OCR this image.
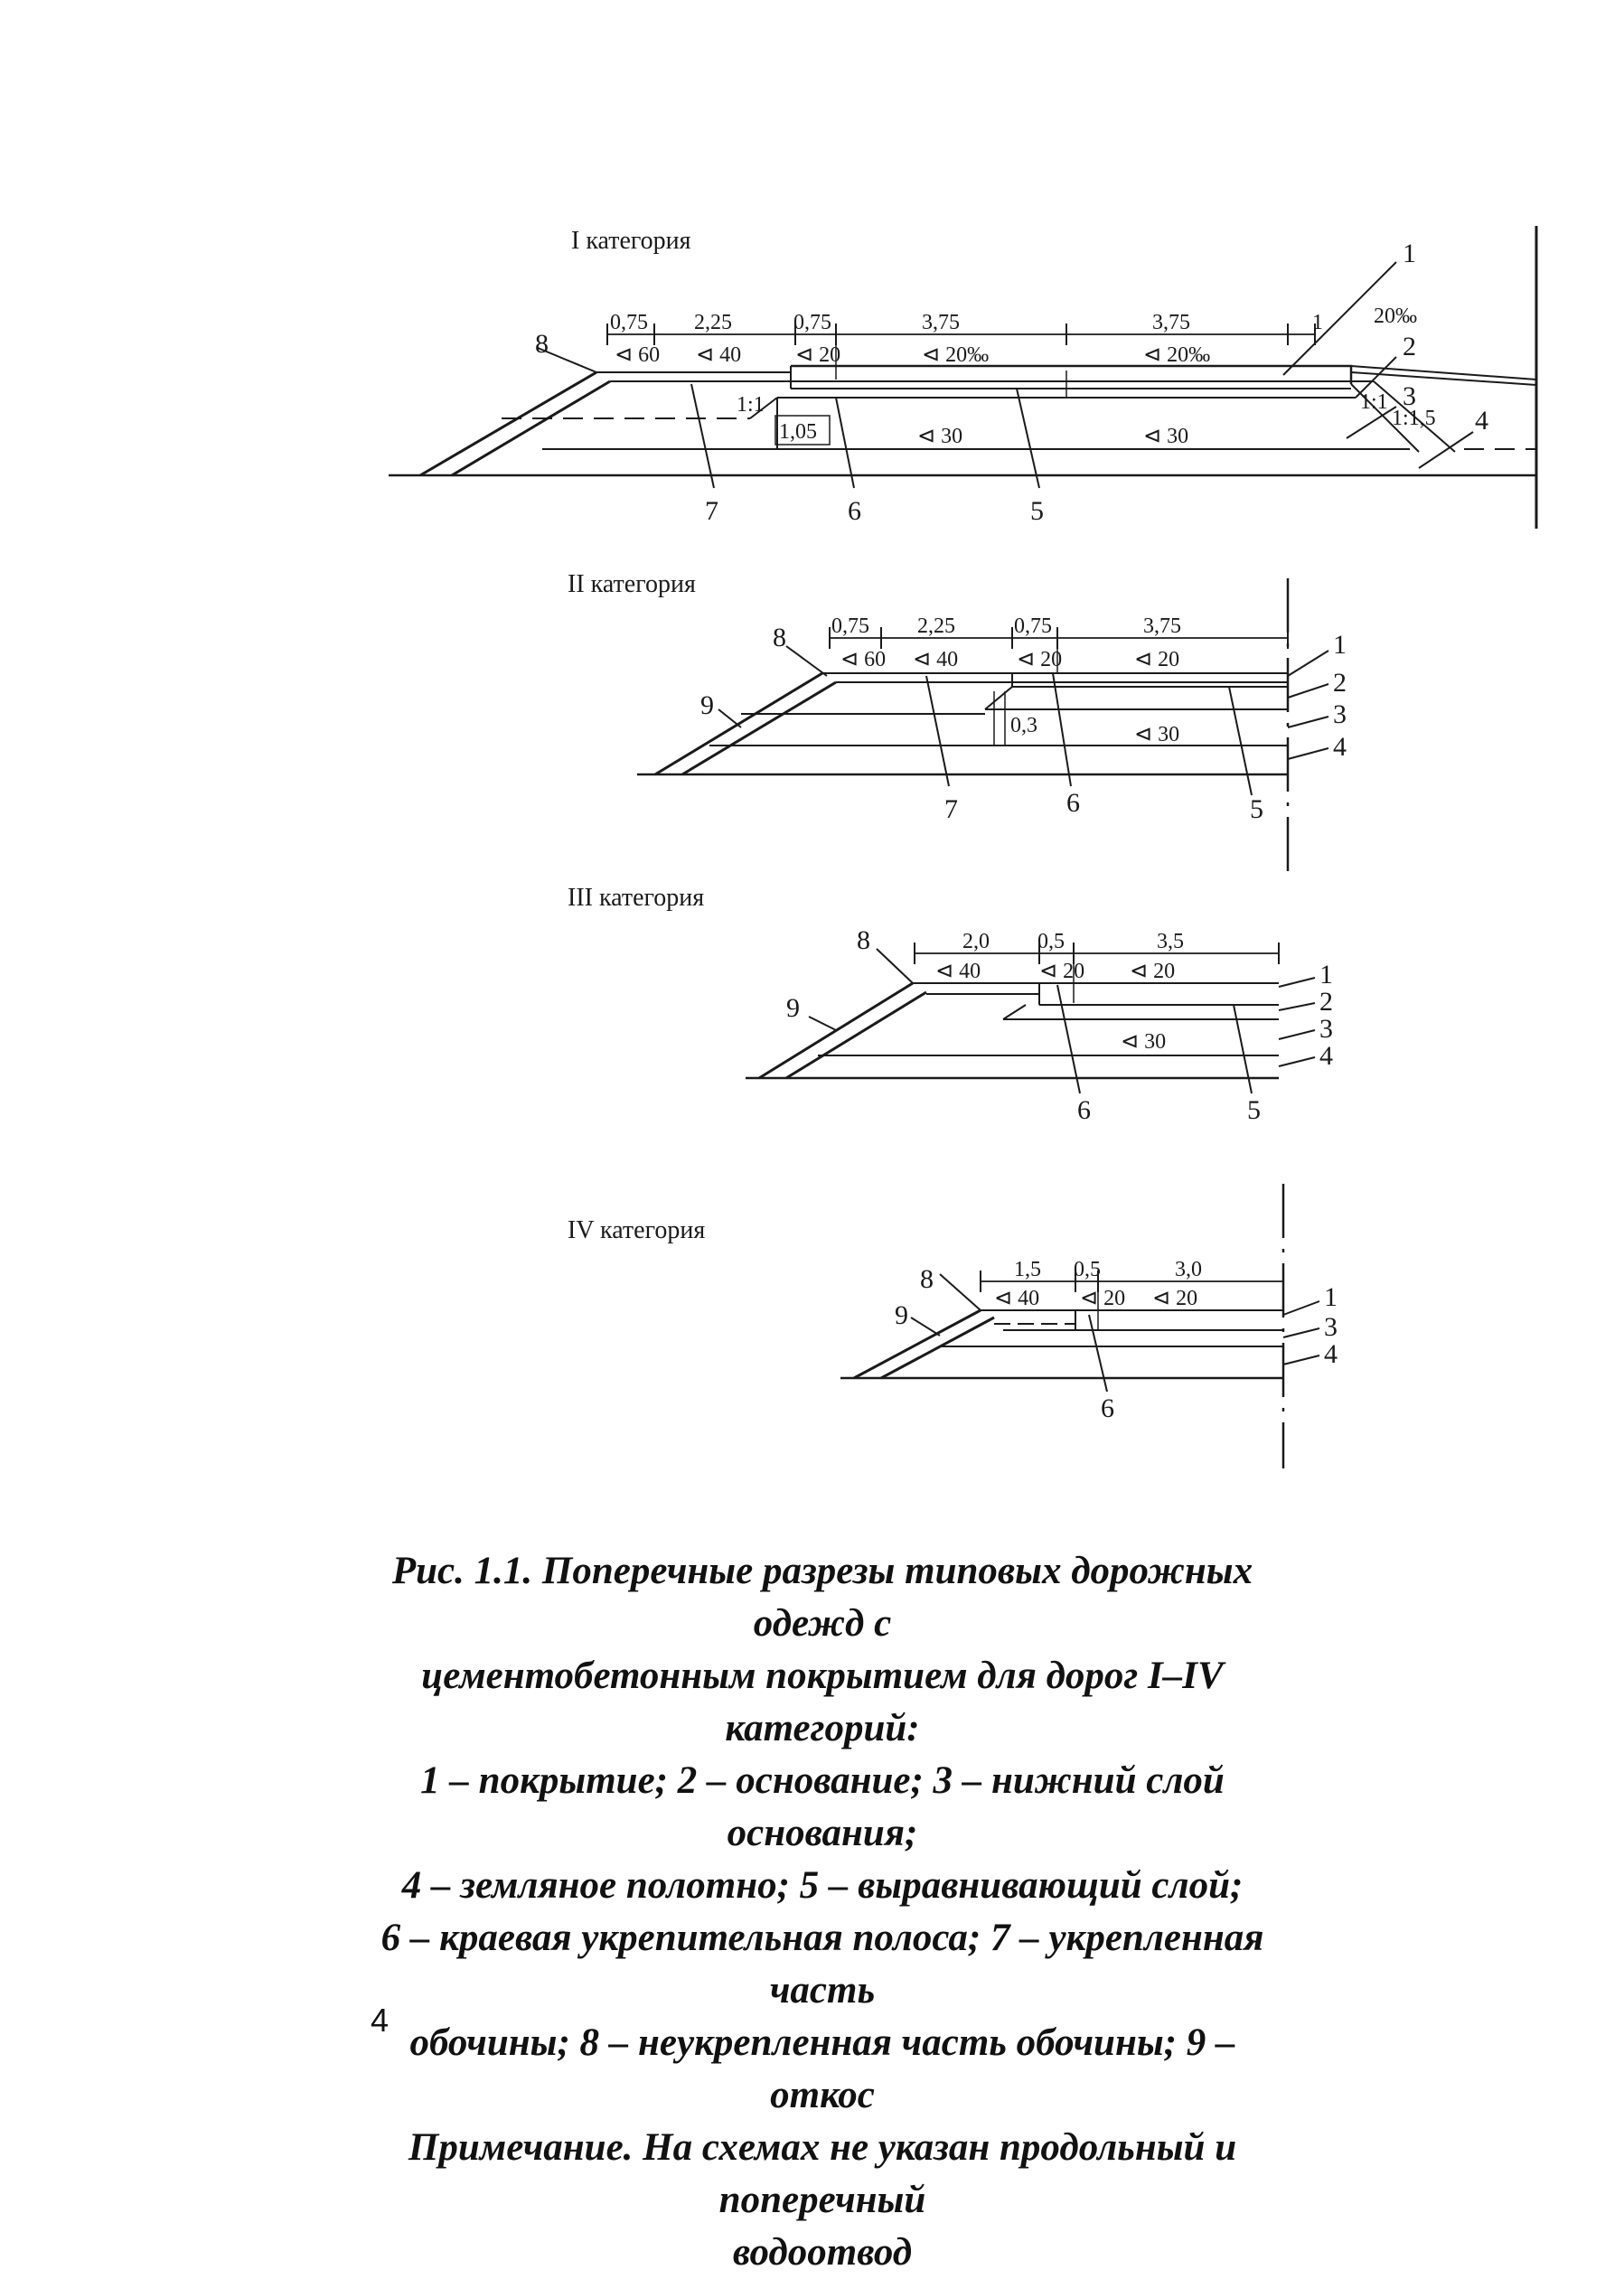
I категория
0,75 2,25	0,75	3,75	3,75	1
⊲ 60 ⊲ 40 ⊲ 20	⊲ 20‰	⊲ 20‰
⊲ 30	⊲ 30
20‰
1:1
1,05
1:1
1:1,5
1
2
3
4
5
6
7
8
II категория
0,3
0,75 2,25	0,75	3,75
⊲ 60 ⊲ 40	⊲ 20	⊲ 20
⊲ 30
1
2
3
4
5
6
7
8
9
III категория
2,0 0,5	3,5
⊲ 40	⊲ 20 ⊲ 20
⊲ 30
1
2
3
4
5
6
8
9
IV категория
1,5 0,5	3,0
⊲ 40 ⊲ 20 ⊲ 20	1
3
4
6
8
9

Рис. 1.1. Поперечные разрезы типовых дорожных одежд с

цементобетонным покрытием для дорог I–IV категорий:

1 – покрытие; 2 – основание; 3 – нижний слой основания;

4 – земляное полотно; 5 – выравнивающий слой;

6 – краевая укрепительная полоса; 7 – укрепленная часть

обочины; 8 – неукрепленная часть обочины; 9 – откос

Примечание. На схемах не указан продольный и поперечный

водоотвод

4
